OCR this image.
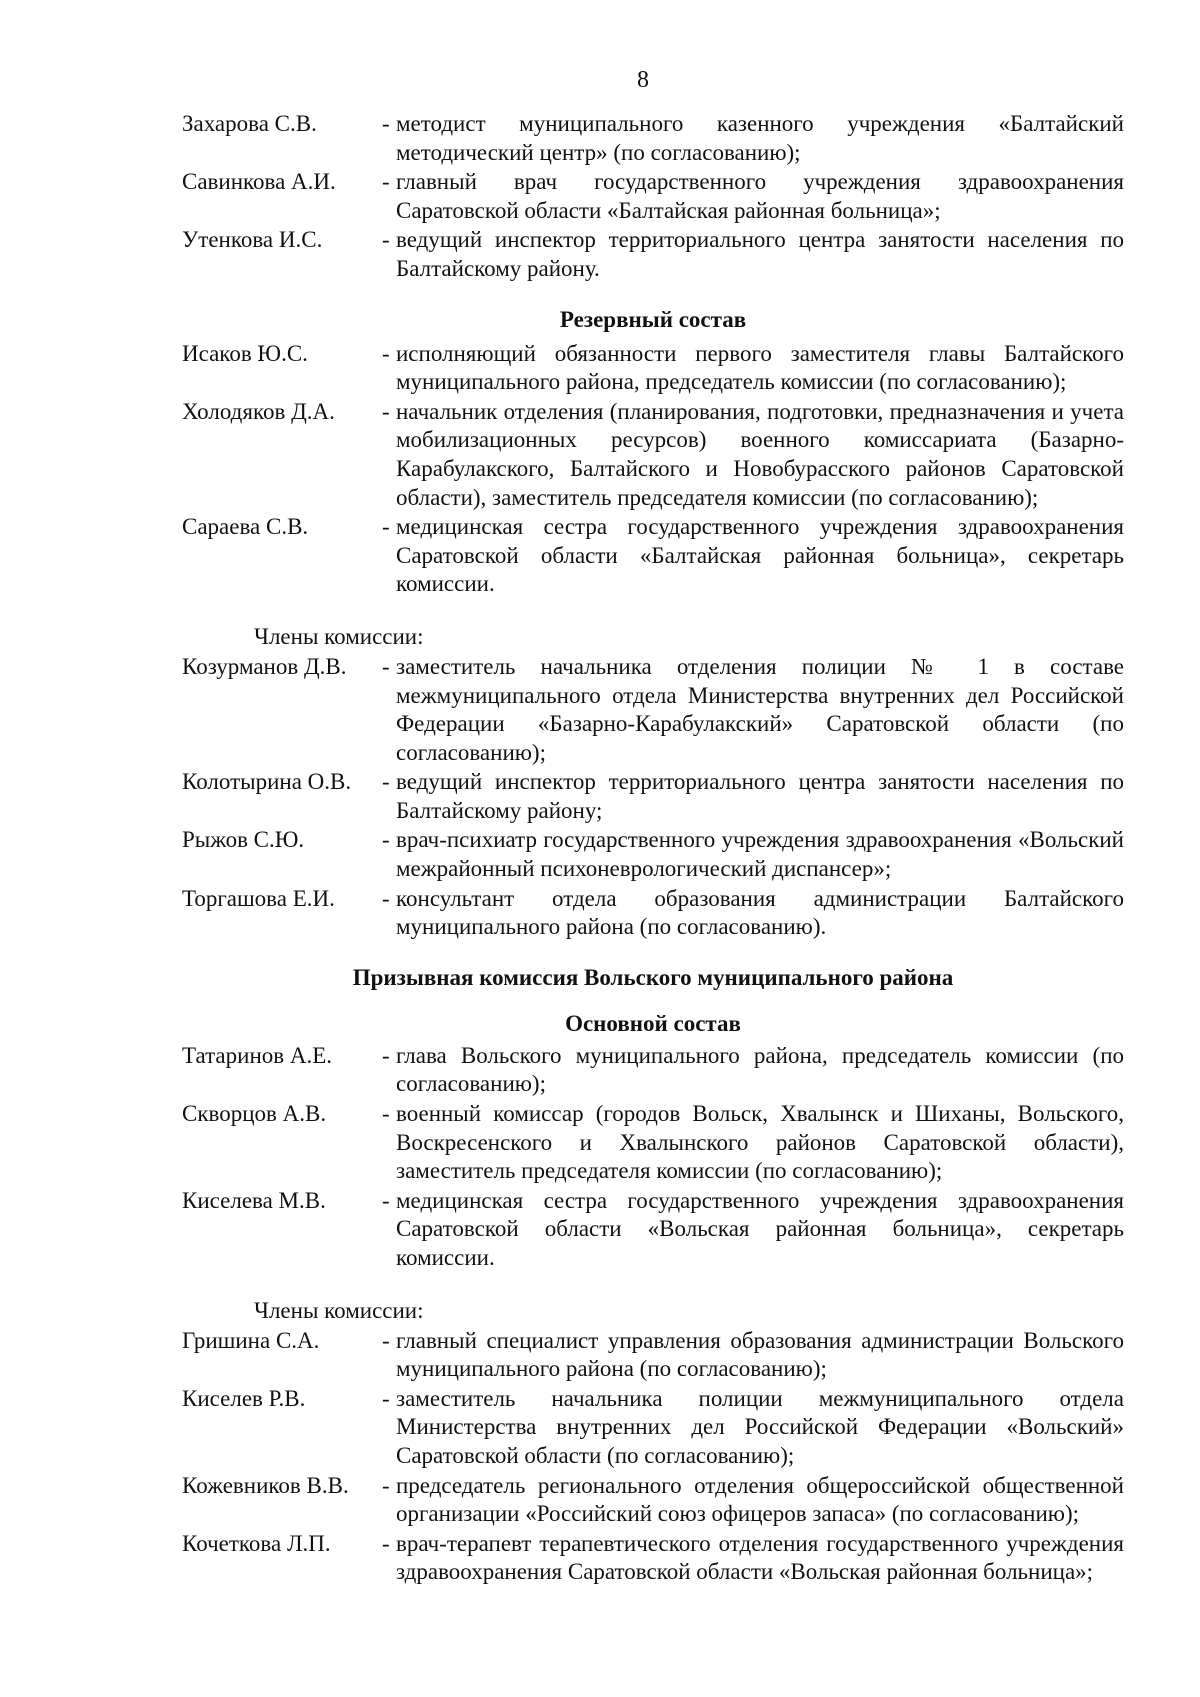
8
Захарова С.В.	- методист муниципального казенного учреждения «Балтайский методический центр» (по согласованию);
Савинкова А.И.	- главный врач государственного учреждения здравоохранения Саратовской области «Балтайская районная больница»;
Утенкова И.С.	- ведущий инспектор территориального центра занятости населения по Балтайскому району.
Резервный состав
Исаков Ю.С.	- исполняющий обязанности первого заместителя главы Балтайского муниципального района, председатель комиссии (по согласованию);
Холодяков Д.А.	- начальник отделения (планирования, подготовки, предназначения и учета мобилизационных ресурсов) военного комиссариата (Базарно-Карабулакского, Балтайского и Новобурасского районов Саратовской области), заместитель председателя комиссии (по согласованию);
Сараева С.В.	- медицинская сестра государственного учреждения здравоохранения Саратовской области «Балтайская районная больница», секретарь комиссии.
Члены комиссии:
Козурманов Д.В.	- заместитель начальника отделения полиции № 1 в составе межмуниципального отдела Министерства внутренних дел Российской Федерации «Базарно-Карабулакский» Саратовской области (по согласованию);
Колотырина О.В.	- ведущий инспектор территориального центра занятости населения по Балтайскому району;
Рыжов С.Ю.	- врач-психиатр государственного учреждения здравоохранения «Вольский межрайонный психоневрологический диспансер»;
Торгашова Е.И.	- консультант отдела образования администрации Балтайского муниципального района (по согласованию).
Призывная комиссия Вольского муниципального района
Основной состав
Татаринов А.Е.	- глава Вольского муниципального района, председатель комиссии (по согласованию);
Скворцов А.В.	- военный комиссар (городов Вольск, Хвалынск и Шиханы, Вольского, Воскресенского и Хвалынского районов Саратовской области), заместитель председателя комиссии (по согласованию);
Киселева М.В.	- медицинская сестра государственного учреждения здравоохранения Саратовской области «Вольская районная больница», секретарь комиссии.
Члены комиссии:
Гришина С.А.	- главный специалист управления образования администрации Вольского муниципального района (по согласованию);
Киселев Р.В.	- заместитель начальника полиции межмуниципального отдела Министерства внутренних дел Российской Федерации «Вольский» Саратовской области (по согласованию);
Кожевников В.В.	- председатель регионального отделения общероссийской общественной организации «Российский союз офицеров запаса» (по согласованию);
Кочеткова Л.П.	- врач-терапевт терапевтического отделения государственного учреждения здравоохранения Саратовской области «Вольская районная больница»;
